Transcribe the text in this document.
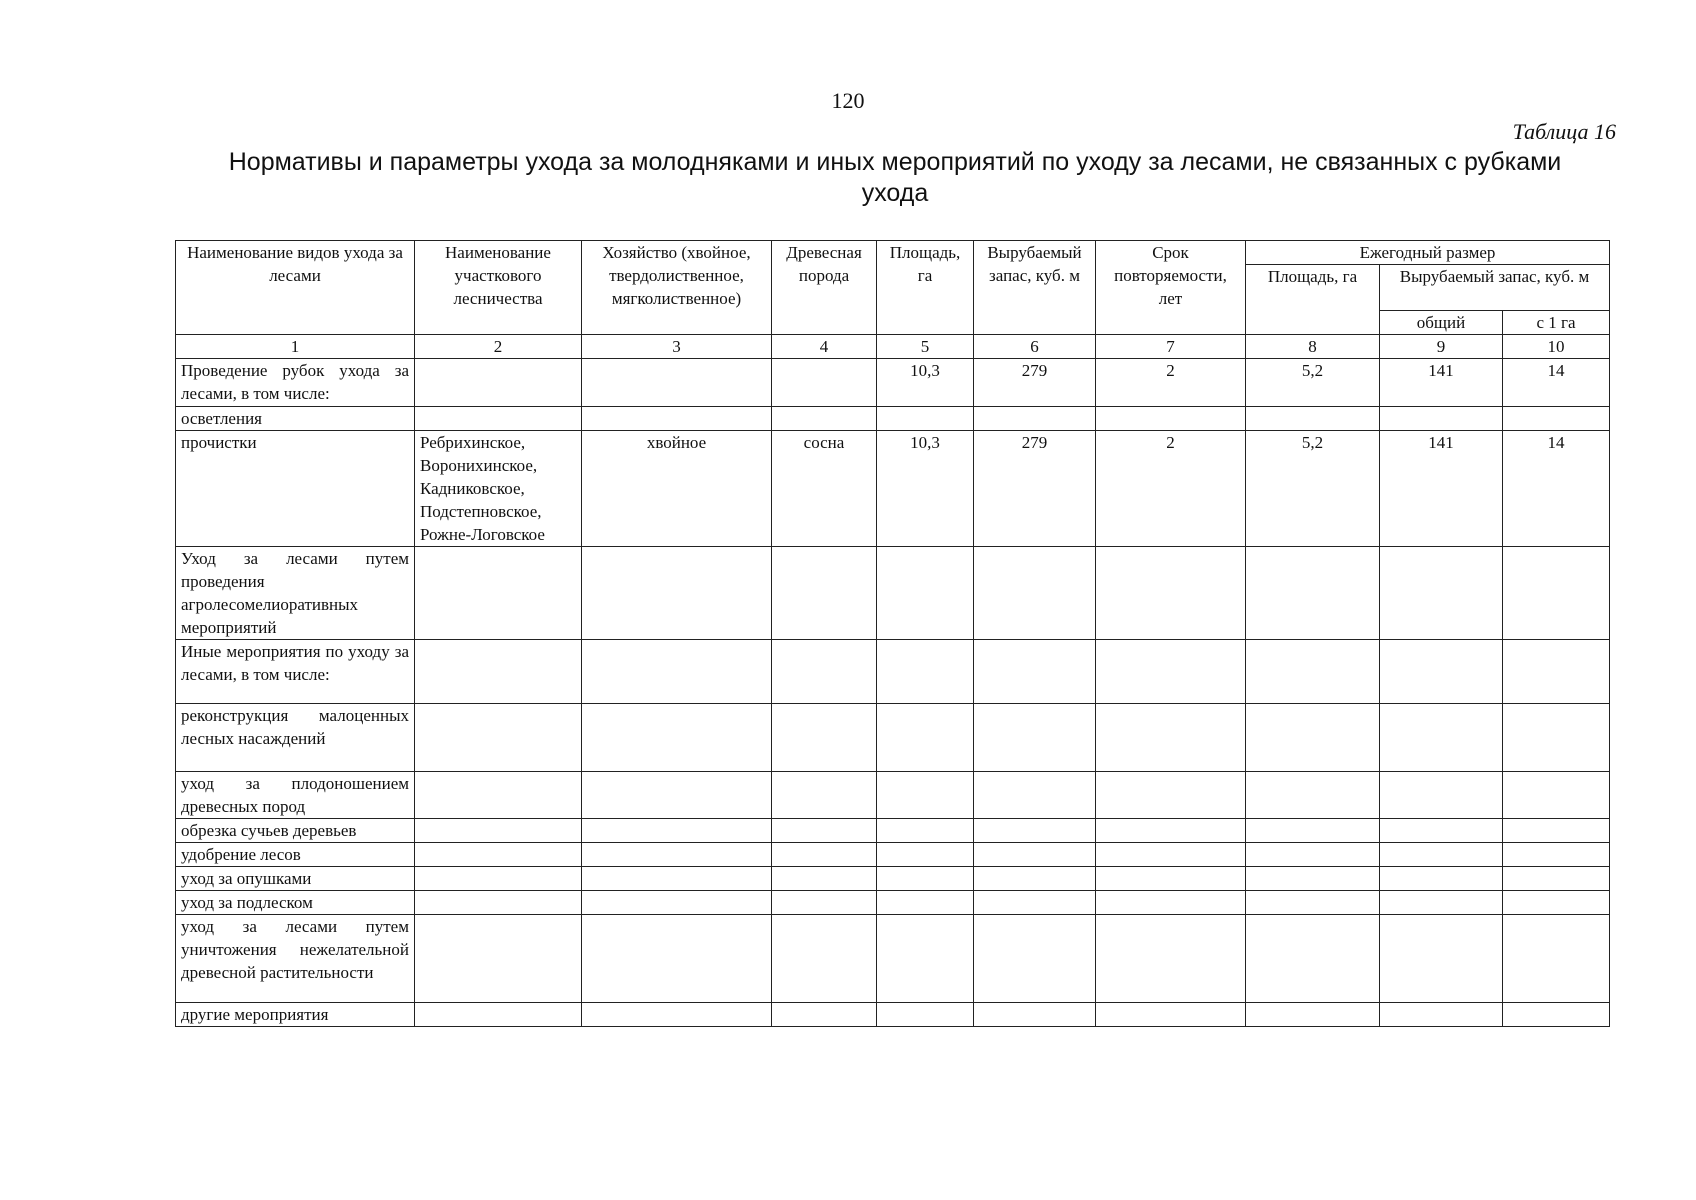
120
Таблица 16
Нормативы и параметры ухода за молодняками и иных мероприятий по уходу за лесами, не связанных с рубками ухода
Наименование видов ухода за лесами	Наименование участкового лесничества	Хозяйство (хвойное, твердолиственное, мягколиственное)	Древесная порода	Площадь, га	Вырубаемый запас, куб. м	Срок повторяемости, лет	Ежегодный размер		
							Площадь, га	Вырубаемый запас, куб. м	
								общий	с 1 га
1	2	3	4	5	6	7	8	9	10
Проведение рубок ухода за лесами, в том числе:				10,3	279	2	5,2	141	14
осветления									
прочистки	Ребрихинское, Воронихинское, Кадниковское, Подстепновское, Рожне-Логовское	хвойное	сосна	10,3	279	2	5,2	141	14
Уход за лесами путем проведения агролесомелиоративных мероприятий									
Иные мероприятия по уходу за лесами, в том числе:									
реконструкция малоценных лесных насаждений									
уход за плодоношением древесных пород									
обрезка сучьев деревьев									
удобрение лесов									
уход за опушками									
уход за подлеском									
уход за лесами путем уничтожения нежелательной древесной растительности									
другие мероприятия									
